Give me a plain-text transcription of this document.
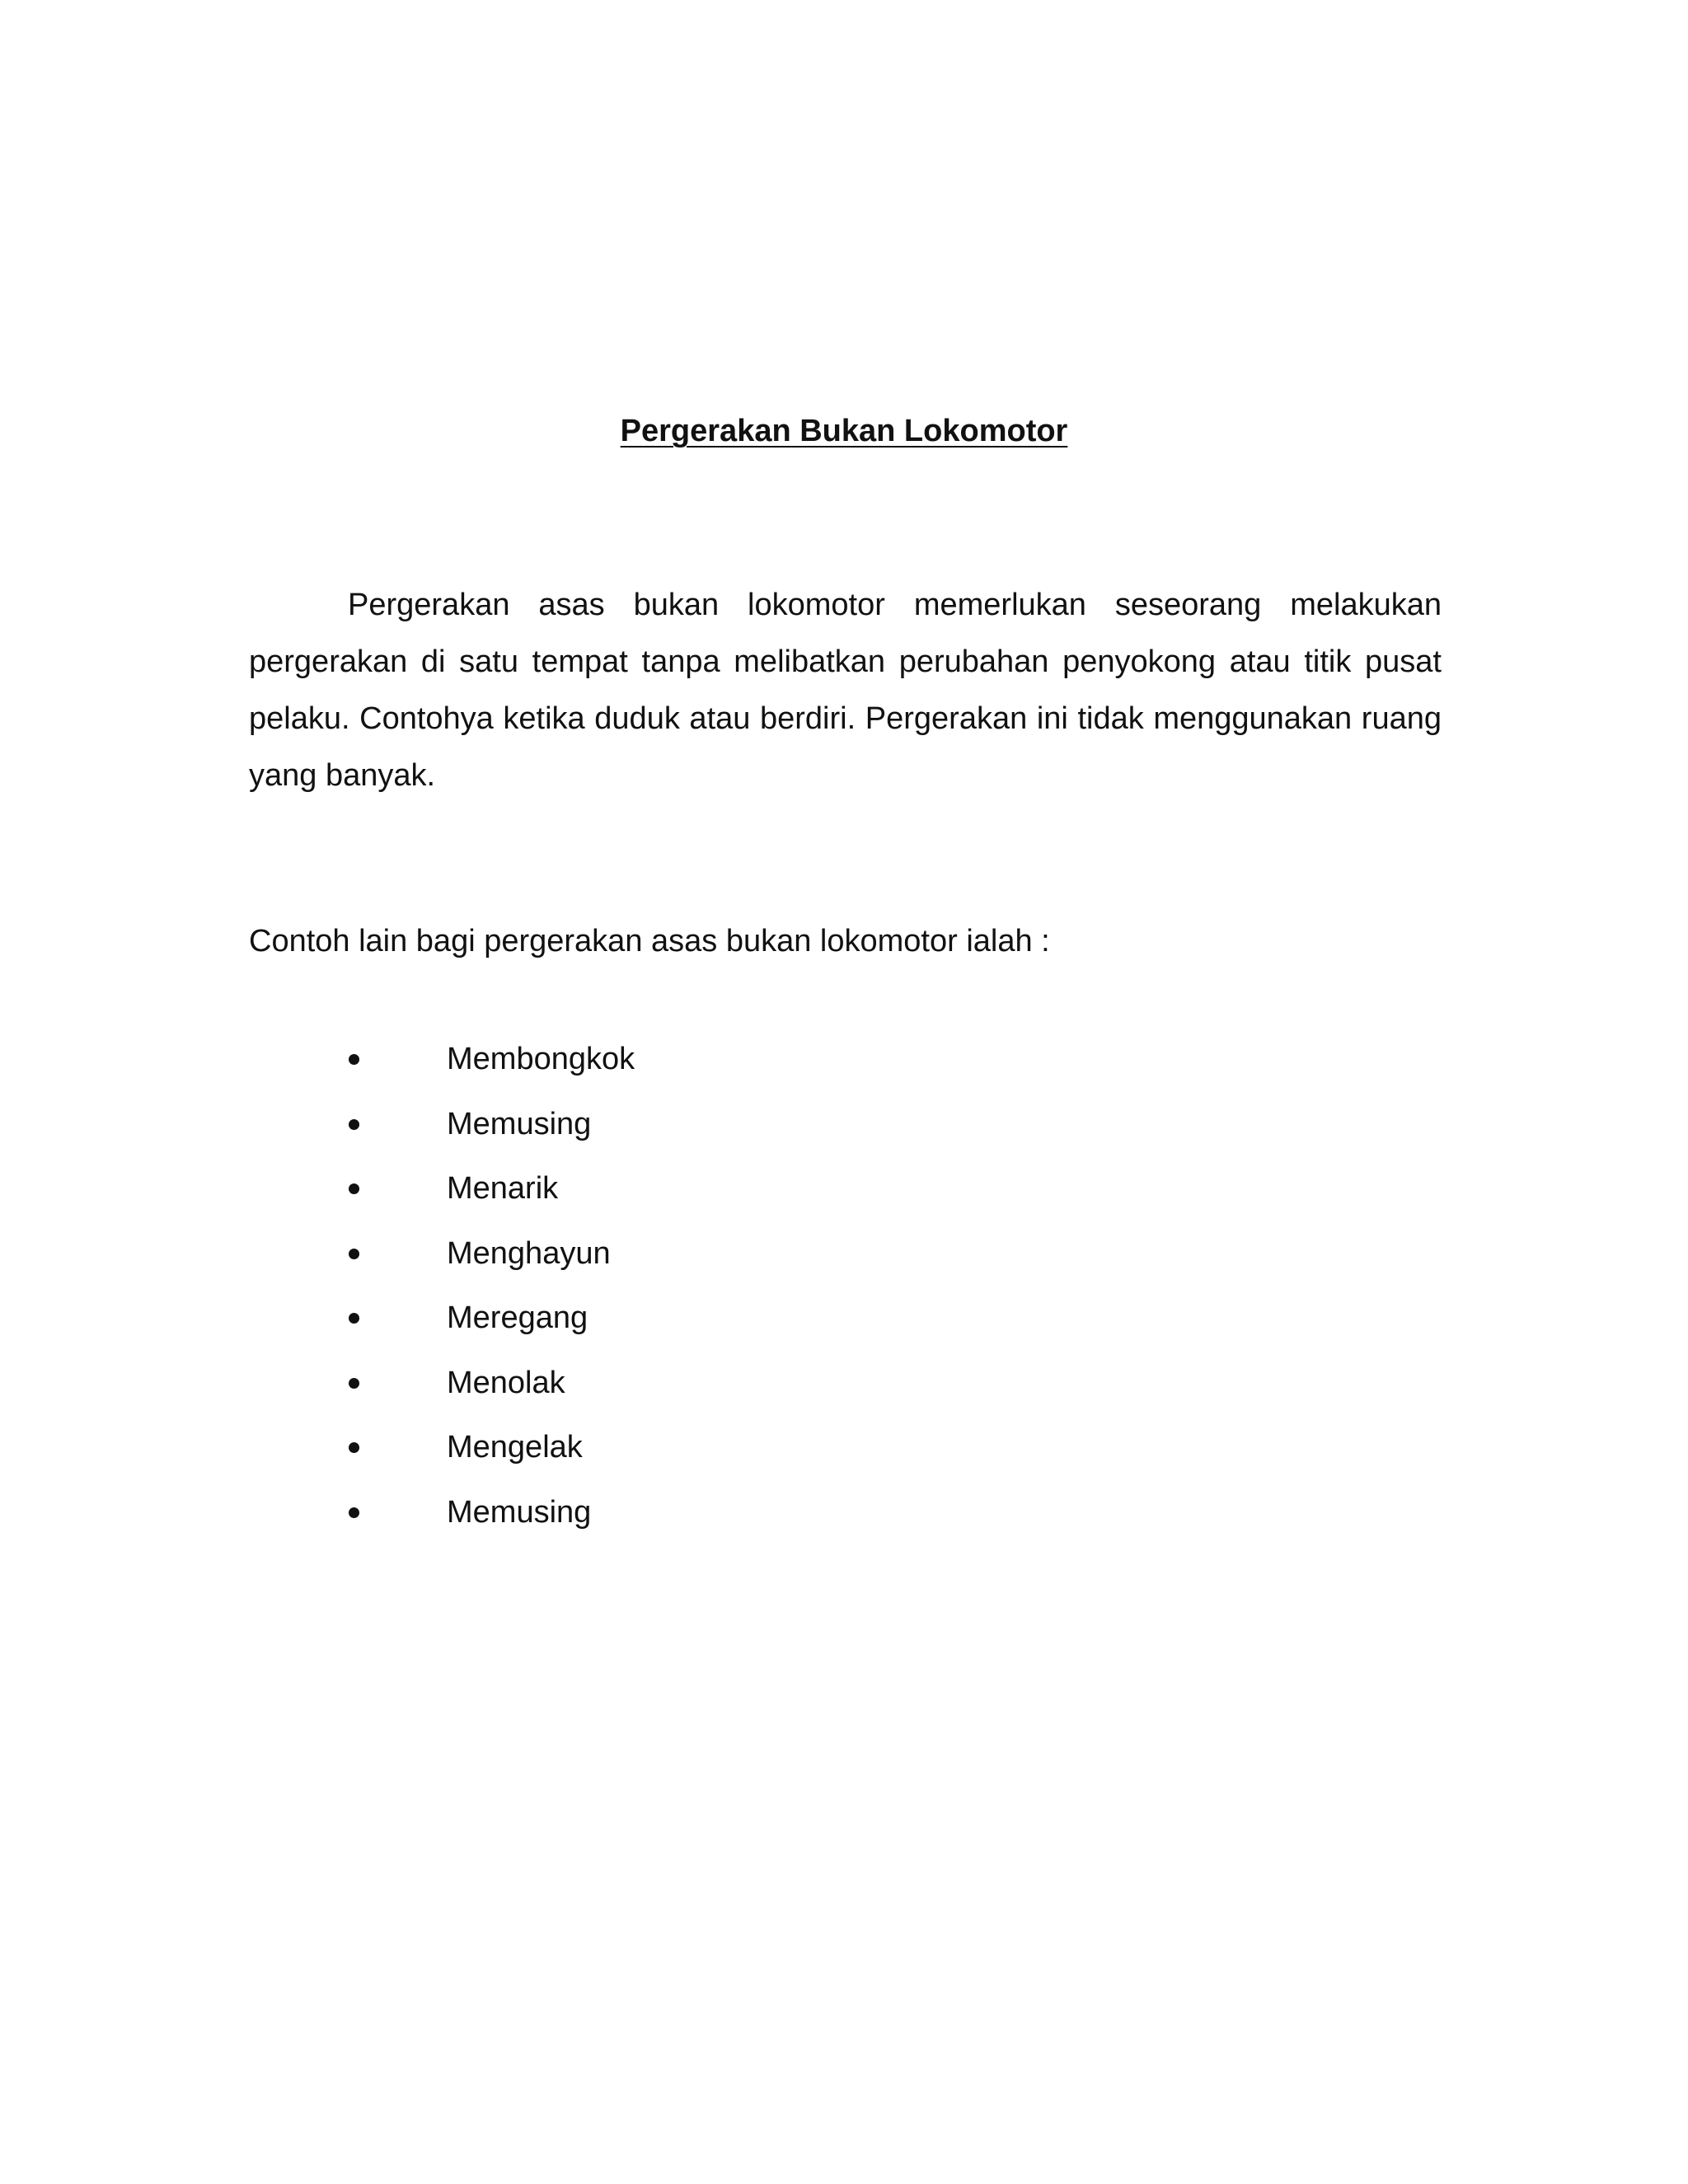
Pergerakan Bukan Lokomotor

Pergerakan asas bukan lokomotor memerlukan seseorang melakukan pergerakan di satu tempat tanpa melibatkan perubahan penyokong atau titik pusat pelaku. Contohya ketika duduk atau berdiri. Pergerakan ini tidak menggunakan ruang yang banyak.

Contoh lain bagi pergerakan asas bukan lokomotor ialah :

Membongkok
Memusing
Menarik
Menghayun
Meregang
Menolak
Mengelak
Memusing
